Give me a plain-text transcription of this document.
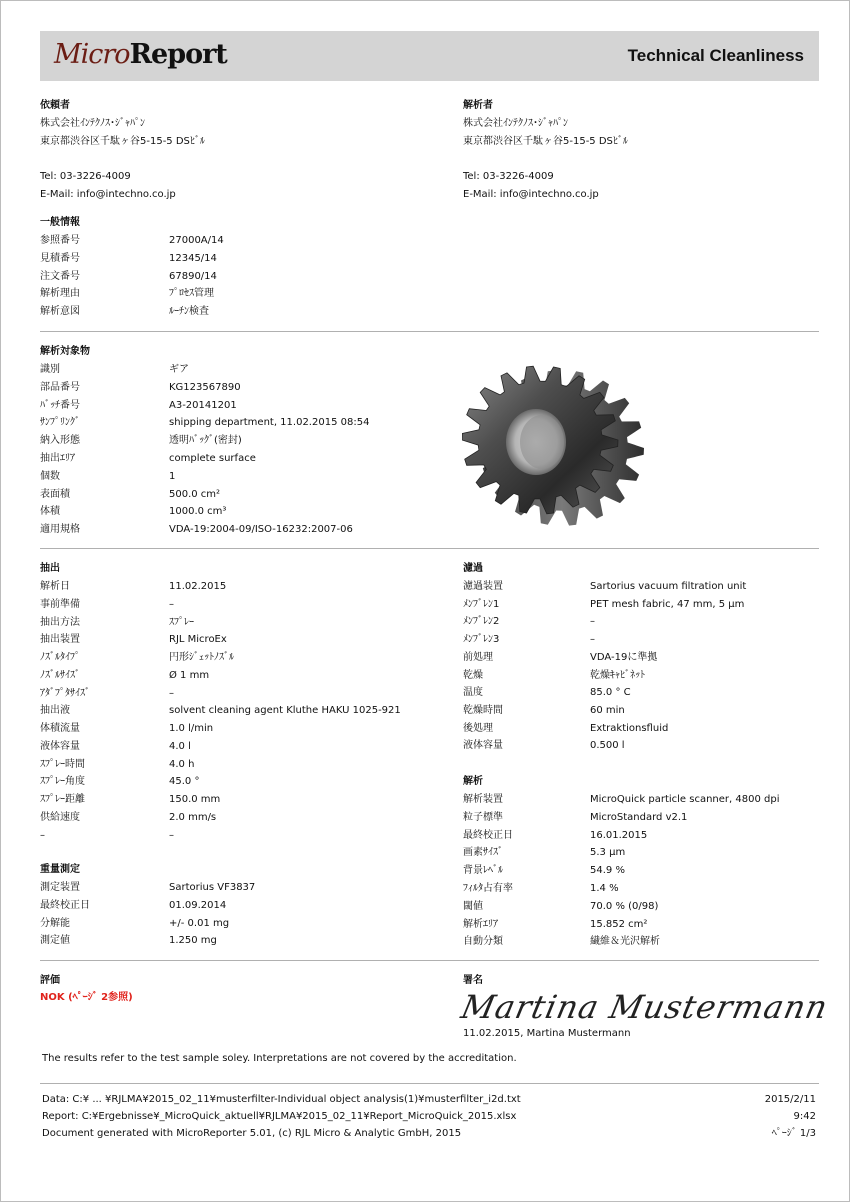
MicroReport	Technical Cleanliness
依頼者
株式会社ｲﾝﾃｸﾉｽ･ｼﾞｬﾊﾟﾝ
東京都渋谷区千駄ヶ谷5-15-5 DSﾋﾞﾙ
Tel: 03-3226-4009
E-Mail: info@intechno.co.jp
解析者
株式会社ｲﾝﾃｸﾉｽ･ｼﾞｬﾊﾟﾝ
東京都渋谷区千駄ヶ谷5-15-5 DSﾋﾞﾙ
Tel: 03-3226-4009
E-Mail: info@intechno.co.jp
一般情報
参照番号	27000A/14
見積番号	12345/14
注文番号	67890/14
解析理由	ﾌﾟﾛｾｽ管理
解析意図	ﾙｰﾁﾝ検査
解析対象物
識別	ギア
部品番号	KG123567890
ﾊﾞｯﾁ番号	A3-20141201
ｻﾝﾌﾟﾘﾝｸﾞ	shipping department, 11.02.2015 08:54
納入形態	透明ﾊﾞｯｸﾞ(密封)
抽出ｴﾘｱ	complete surface
個数	1
表面積	500.0 cm²
体積	1000.0 cm³
適用規格	VDA-19:2004-09/ISO-16232:2007-06
抽出
解析日	11.02.2015
事前準備	–
抽出方法	ｽﾌﾟﾚｰ
抽出装置	RJL MicroEx
ﾉｽﾞﾙﾀｲﾌﾟ	円形ｼﾞｪｯﾄﾉｽﾞﾙ
ﾉｽﾞﾙｻｲｽﾞ	Ø 1 mm
ｱﾀﾞﾌﾟﾀｻｲｽﾞ	–
抽出液	solvent cleaning agent Kluthe HAKU 1025-921
体積流量	1.0 l/min
液体容量	4.0 l
ｽﾌﾟﾚｰ時間	4.0 h
ｽﾌﾟﾚｰ角度	45.0 °
ｽﾌﾟﾚｰ距離	150.0 mm
供給速度	2.0 mm/s
–	–
重量測定
測定装置	Sartorius VF3837
最終校正日	01.09.2014
分解能	+/- 0.01 mg
測定値	1.250 mg
濾過
濾過装置	Sartorius vacuum filtration unit
ﾒﾝﾌﾞﾚﾝ1	PET mesh fabric, 47 mm, 5 µm
ﾒﾝﾌﾞﾚﾝ2	–
ﾒﾝﾌﾞﾚﾝ3	–
前処理	VDA-19に準拠
乾燥	乾燥ｷｬﾋﾞﾈｯﾄ
温度	85.0 ° C
乾燥時間	60 min
後処理	Extraktionsfluid
液体容量	0.500 l
解析
解析装置	MicroQuick particle scanner, 4800 dpi
粒子標準	MicroStandard v2.1
最終校正日	16.01.2015
画素ｻｲｽﾞ	5.3 µm
背景ﾚﾍﾞﾙ	54.9 %
ﾌｨﾙﾀ占有率	1.4 %
閾値	70.0 % (0/98)
解析ｴﾘｱ	15.852 cm²
自動分類	繊維＆光沢解析
評価
NOK (ﾍﾟｰｼﾞ 2参照)
署名
Martina Mustermann
11.02.2015, Martina Mustermann
The results refer to the test sample soley. Interpretations are not covered by the accreditation.
Data: C:¥ ... ¥RJLMA¥2015_02_11¥musterfilter-Individual object analysis(1)¥musterfilter_i2d.txt
Report: C:¥Ergebnisse¥_MicroQuick_aktuell¥RJLMA¥2015_02_11¥Report_MicroQuick_2015.xlsx
Document generated with MicroReporter 5.01, (c) RJL Micro & Analytic GmbH, 2015
2015/2/11
9:42
ﾍﾟｰｼﾞ 1/3
